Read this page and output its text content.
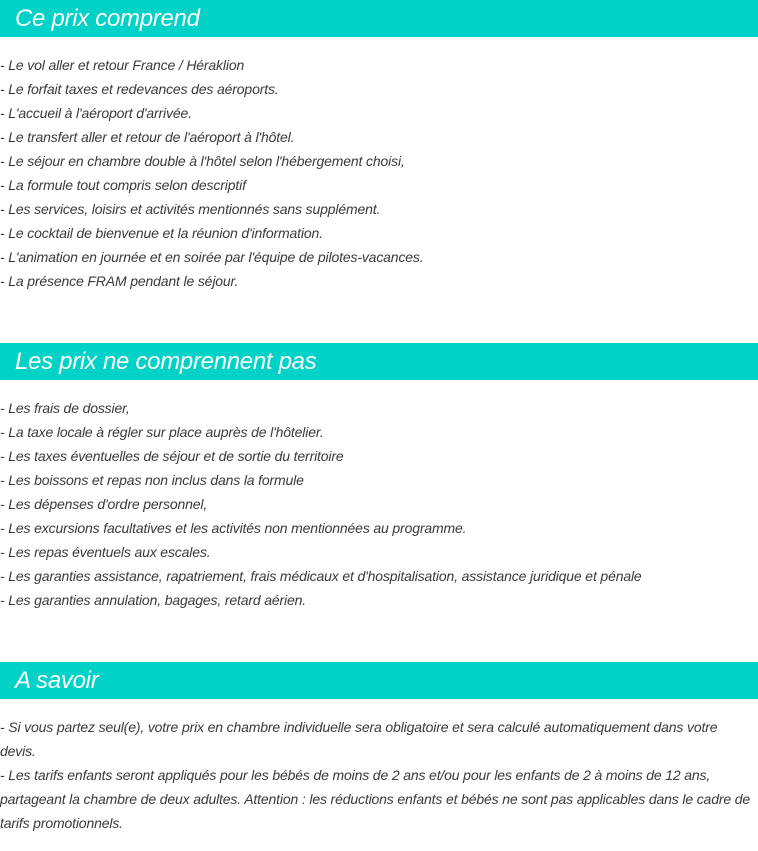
Ce prix comprend
- Le vol aller et retour France / Héraklion
- Le forfait taxes et redevances des aéroports.
- L'accueil à l'aéroport d'arrivée.
- Le transfert aller et retour de l'aéroport à l'hôtel.
- Le séjour en chambre double à l'hôtel selon l'hébergement choisi,
- La formule tout compris selon descriptif
- Les services, loisirs et activités mentionnés sans supplément.
- Le cocktail de bienvenue et la réunion d'information.
- L'animation en journée et en soirée par l'équipe de pilotes-vacances.
- La présence FRAM pendant le séjour.
Les prix ne comprennent pas
- Les frais de dossier,
- La taxe locale à régler sur place auprès de l'hôtelier.
- Les taxes éventuelles de séjour et de sortie du territoire
- Les boissons et repas non inclus dans la formule
- Les dépenses d'ordre personnel,
- Les excursions facultatives et les activités non mentionnées au programme.
- Les repas éventuels aux escales.
- Les garanties assistance, rapatriement, frais médicaux et d'hospitalisation, assistance juridique et pénale
- Les garanties annulation, bagages, retard aérien.
A savoir

- Si vous partez seul(e), votre prix en chambre individuelle sera obligatoire et sera calculé automatiquement dans votre devis.

- Les tarifs enfants seront appliqués pour les bébés de moins de 2 ans et/ou pour les enfants de 2 à moins de 12 ans, partageant la chambre de deux adultes. Attention : les réductions enfants et bébés ne sont pas applicables dans le cadre de tarifs promotionnels.
